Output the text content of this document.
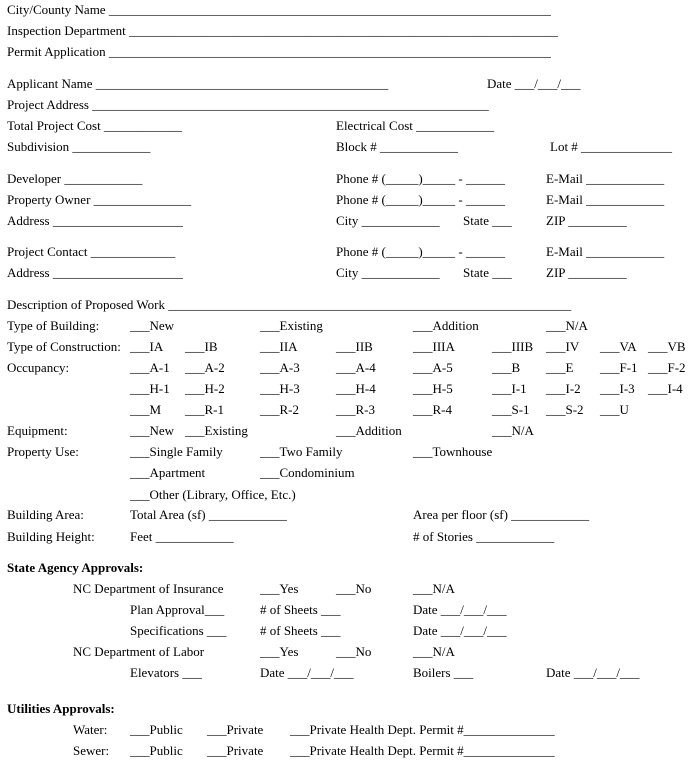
City/County Name ____________________________________________________________________
Inspection Department __________________________________________________________________
Permit Application ____________________________________________________________________
Applicant Name _____________________________________________	Date ___/___/___
Project Address _____________________________________________________________
Total Project Cost ____________	Electrical Cost ____________
Subdivision ____________	Block # ____________	Lot # ______________
Developer ____________	Phone # (_____)_____ - ______	E-Mail ____________
Property Owner _______________	Phone # (_____)_____ - ______	E-Mail ____________
Address ____________________	City ____________ State ___	ZIP _________
Project Contact _____________	Phone # (_____)_____ - ______	E-Mail ____________
Address ____________________	City ____________ State ___	ZIP _________
Description of Proposed Work ______________________________________________________________
Type of Building: ___New	___Existing	___Addition	___N/A
Type of Construction: ___IA ___IB	___IIA	___IIB	___IIIA	___IIIB ___IV ___VA ___VB
Occupancy:	___A-1 ___A-2	___A-3	___A-4	___A-5	___B ___E ___F-1 ___F-2
___H-1 ___H-2	___H-3	___H-4	___H-5	___I-1 ___I-2 ___I-3 ___I-4
___M ___R-1	___R-2	___R-3	___R-4	___S-1 ___S-2 ___U
Equipment:	___New ___Existing	___Addition	___N/A
Property Use:	___Single Family	___Two Family	___Townhouse
___Apartment	___Condominium
___Other (Library, Office, Etc.)
Building Area:	Total Area (sf) ____________	Area per floor (sf) ____________
Building Height:	Feet ____________	# of Stories ____________
State Agency Approvals:
NC Department of Insurance	___Yes	___No	___N/A
Plan Approval___	# of Sheets ___	Date ___/___/___
Specifications ___	# of Sheets ___	Date ___/___/___
NC Department of Labor	___Yes	___No	___N/A
Elevators ___	Date ___/___/___	Boilers ___	Date ___/___/___
Utilities Approvals:
Water: ___Public ___Private ___Private Health Dept. Permit #______________
Sewer: ___Public ___Private ___Private Health Dept. Permit #______________
